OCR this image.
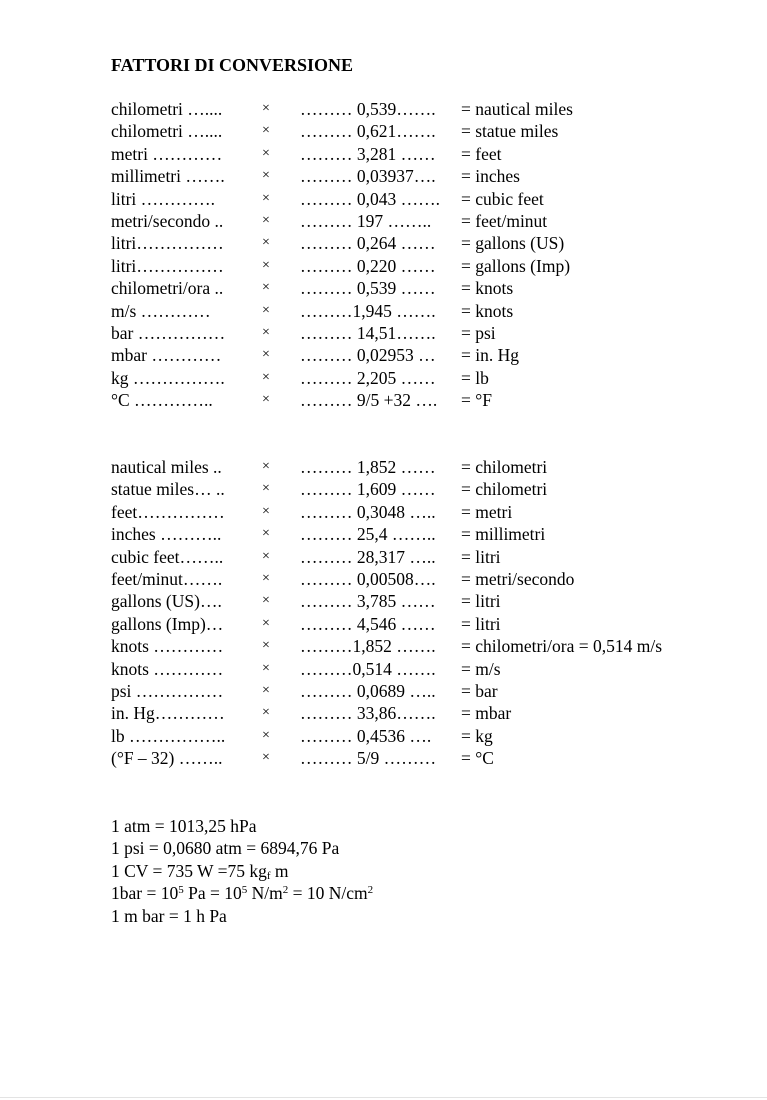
FATTORI DI CONVERSIONE
chilometri …....	× ……… 0,539……. = nautical miles
chilometri …....	× ……… 0,621……. = statue miles
metri …………	× ……… 3,281 …… = feet
millimetri …….	× ……… 0,03937…. = inches
litri ………….	× ……… 0,043 ……. = cubic feet
metri/secondo ..	× ……… 197 …….. = feet/minut
litri……………	× ……… 0,264 …… = gallons (US)
litri……………	× ……… 0,220 …… = gallons (Imp)
chilometri/ora ..	× ……… 0,539 …… = knots
m/s …………	× ………1,945 ……. = knots
bar ……………	× ……… 14,51……. = psi
mbar …………	× ……… 0,02953 … = in. Hg
kg …………….	× ……… 2,205 …… = lb
°C …………..	× ……… 9/5 +32 …. = °F
nautical miles ..	× ……… 1,852 …… = chilometri
statue miles… ..	× ……… 1,609 …… = chilometri
feet……………	× ……… 0,3048 ….. = metri
inches ………..	× ……… 25,4 …….. = millimetri
cubic feet……..	× ……… 28,317 ….. = litri
feet/minut…….	× ……… 0,00508…. = metri/secondo
gallons (US)….	× ……… 3,785 …… = litri
gallons (Imp)…	× ……… 4,546 …… = litri
knots …………	× ………1,852 ……. = chilometri/ora = 0,514 m/s
knots …………	× ………0,514 ……. = m/s
psi ……………	× ……… 0,0689 ….. = bar
in. Hg…………	× ……… 33,86……. = mbar
lb ……………..	× ……… 0,4536 …. = kg
(°F – 32) ……..	× ……… 5/9 ……… = °C
1 atm = 1013,25 hPa
1 psi = 0,0680 atm = 6894,76 Pa
1 CV = 735 W =75 $kg_f$ m
$1bar = 10^5$ $Pa = 10^5$ $N/m^2 = 10$ $N/cm^2$
1 m bar = 1 h Pa
